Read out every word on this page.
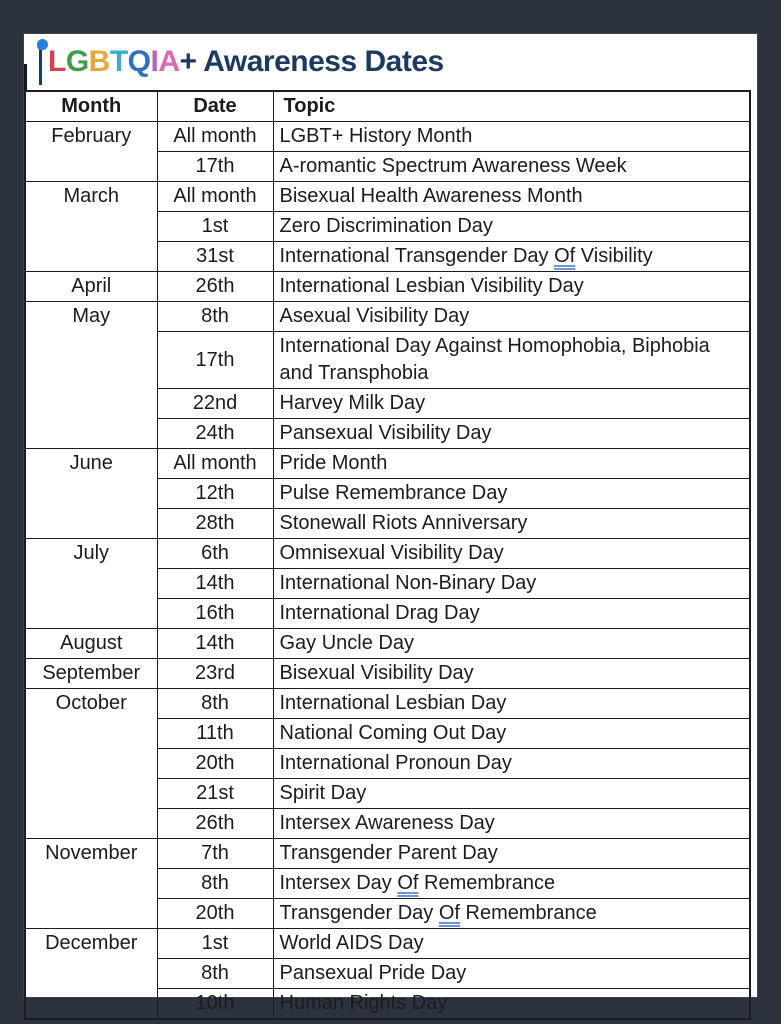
LGBTQIA+ Awareness Dates
Month	Date	Topic
February	All month	LGBT+ History Month
	17th	A-romantic Spectrum Awareness Week
March	All month	Bisexual Health Awareness Month
	1st	Zero Discrimination Day
	31st	International Transgender Day Of Visibility
April	26th	International Lesbian Visibility Day
May	8th	Asexual Visibility Day
	17th	International Day Against Homophobia, Biphobia and Transphobia
	22nd	Harvey Milk Day
	24th	Pansexual Visibility Day
June	All month	Pride Month
	12th	Pulse Remembrance Day
	28th	Stonewall Riots Anniversary
July	6th	Omnisexual Visibility Day
	14th	International Non-Binary Day
	16th	International Drag Day
August	14th	Gay Uncle Day
September	23rd	Bisexual Visibility Day
October	8th	International Lesbian Day
	11th	National Coming Out Day
	20th	International Pronoun Day
	21st	Spirit Day
	26th	Intersex Awareness Day
November	7th	Transgender Parent Day
	8th	Intersex Day Of Remembrance
	20th	Transgender Day Of Remembrance
December	1st	World AIDS Day
	8th	Pansexual Pride Day
	10th	Human Rights Day
